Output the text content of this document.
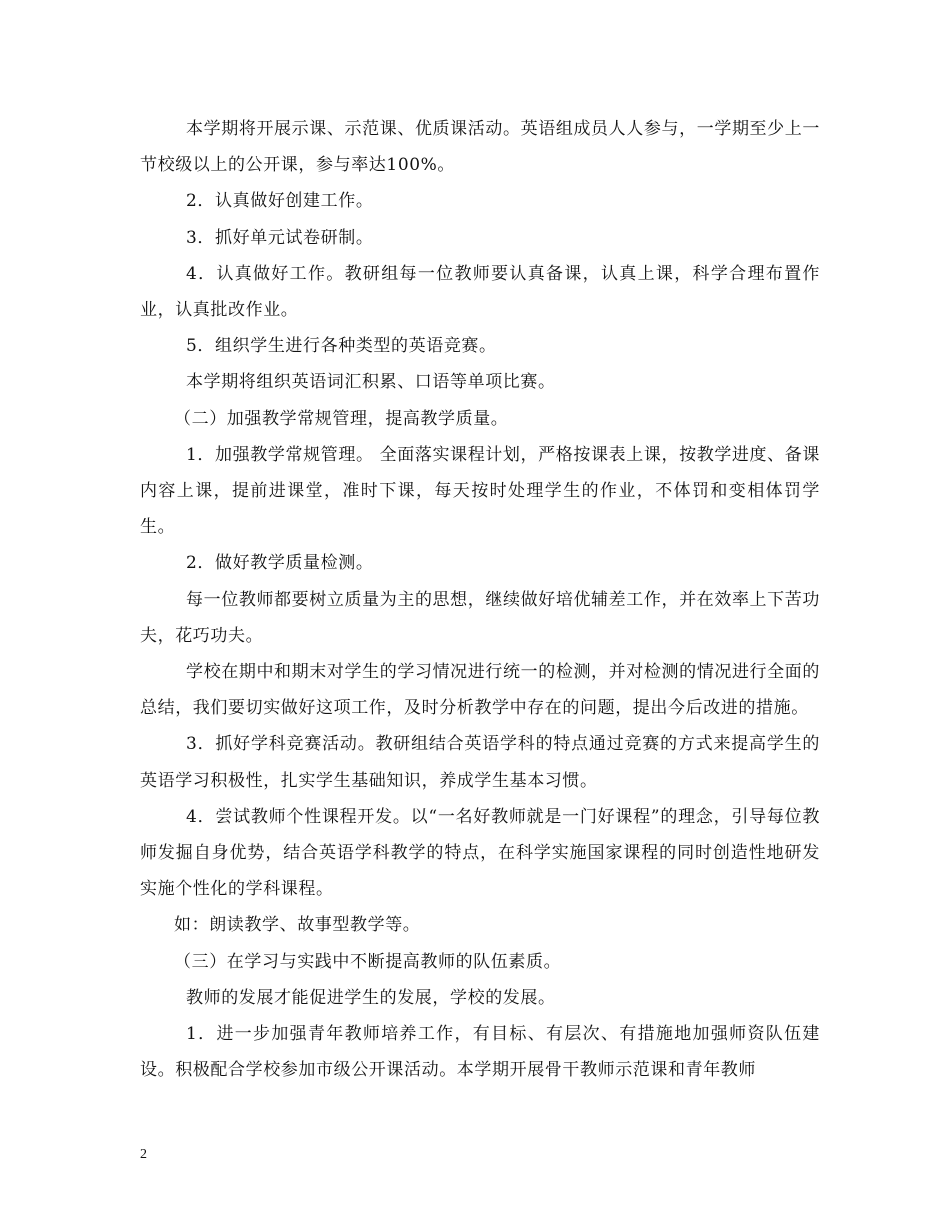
本学期将开展示课、示范课、优质课活动。英语组成员人人参与，一学期至少上一节校级以上的公开课，参与率达100%。

2．认真做好创建工作。

3．抓好单元试卷研制。

4．认真做好工作。教研组每一位教师要认真备课，认真上课，科学合理布置作业，认真批改作业。

5．组织学生进行各种类型的英语竞赛。

本学期将组织英语词汇积累、口语等单项比赛。

（二）加强教学常规管理，提高教学质量。

1．加强教学常规管理。 全面落实课程计划，严格按课表上课，按教学进度、备课内容上课，提前进课堂，准时下课，每天按时处理学生的作业，不体罚和变相体罚学生。

2．做好教学质量检测。

每一位教师都要树立质量为主的思想，继续做好培优辅差工作，并在效率上下苦功夫，花巧功夫。

学校在期中和期末对学生的学习情况进行统一的检测，并对检测的情况进行全面的总结，我们要切实做好这项工作，及时分析教学中存在的问题，提出今后改进的措施。

3．抓好学科竞赛活动。教研组结合英语学科的特点通过竞赛的方式来提高学生的英语学习积极性，扎实学生基础知识，养成学生基本习惯。

4．尝试教师个性课程开发。以“一名好教师就是一门好课程”的理念，引导每位教师发掘自身优势，结合英语学科教学的特点，在科学实施国家课程的同时创造性地研发实施个性化的学科课程。

如：朗读教学、故事型教学等。

（三）在学习与实践中不断提高教师的队伍素质。

教师的发展才能促进学生的发展，学校的发展。

1．进一步加强青年教师培养工作，有目标、有层次、有措施地加强师资队伍建设。积极配合学校参加市级公开课活动。本学期开展骨干教师示范课和青年教师

2
